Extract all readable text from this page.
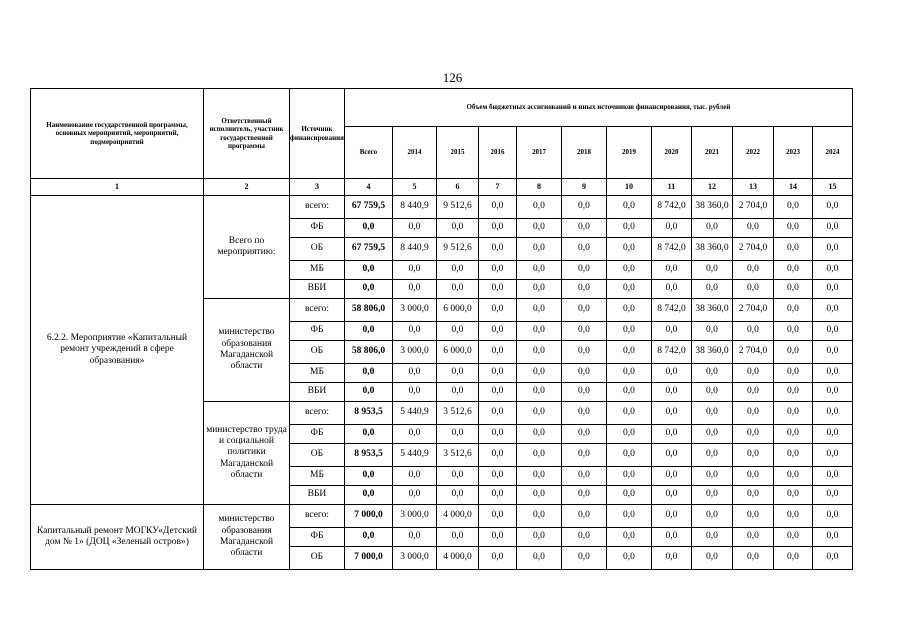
126
Наименование государственной программы, основных мероприятий, мероприятий, подмероприятий	Ответственный исполнитель, участник государственной программы	Источник финансирования	Объем бюджетных ассигнований и иных источников финансирования, тыс. рублей											
			Всего	2014	2015	2016	2017	2018	2019	2020	2021	2022	2023	2024
1	2	3	4	5	6	7	8	9	10	11	12	13	14	15
6.2.2. Мероприятие «Капитальный ремонт учреждений в сфере образования»	Всего по мероприятию:	всего:	67 759,5	8 440,9	9 512,6	0,0	0,0	0,0	0,0	8 742,0	38 360,0	2 704,0	0,0	0,0
		ФБ	0,0	0,0	0,0	0,0	0,0	0,0	0,0	0,0	0,0	0,0	0,0	0,0
		ОБ	67 759,5	8 440,9	9 512,6	0,0	0,0	0,0	0,0	8 742,0	38 360,0	2 704,0	0,0	0,0
		МБ	0,0	0,0	0,0	0,0	0,0	0,0	0,0	0,0	0,0	0,0	0,0	0,0
		ВБИ	0,0	0,0	0,0	0,0	0,0	0,0	0,0	0,0	0,0	0,0	0,0	0,0
	министерство образования Магаданской области	всего:	58 806,0	3 000,0	6 000,0	0,0	0,0	0,0	0,0	8 742,0	38 360,0	2 704,0	0,0	0,0
		ФБ	0,0	0,0	0,0	0,0	0,0	0,0	0,0	0,0	0,0	0,0	0,0	0,0
		ОБ	58 806,0	3 000,0	6 000,0	0,0	0,0	0,0	0,0	8 742,0	38 360,0	2 704,0	0,0	0,0
		МБ	0,0	0,0	0,0	0,0	0,0	0,0	0,0	0,0	0,0	0,0	0,0	0,0
		ВБИ	0,0	0,0	0,0	0,0	0,0	0,0	0,0	0,0	0,0	0,0	0,0	0,0
	министерство труда и социальной политики Магаданской области	всего:	8 953,5	5 440,9	3 512,6	0,0	0,0	0,0	0,0	0,0	0,0	0,0	0,0	0,0
		ФБ	0,0	0,0	0,0	0,0	0,0	0,0	0,0	0,0	0,0	0,0	0,0	0,0
		ОБ	8 953,5	5 440,9	3 512,6	0,0	0,0	0,0	0,0	0,0	0,0	0,0	0,0	0,0
		МБ	0,0	0,0	0,0	0,0	0,0	0,0	0,0	0,0	0,0	0,0	0,0	0,0
		ВБИ	0,0	0,0	0,0	0,0	0,0	0,0	0,0	0,0	0,0	0,0	0,0	0,0
Капитальный ремонт МОГКУ«Детский дом № 1» (ДОЦ «Зеленый остров»)	министерство образования Магаданской области	всего:	7 000,0	3 000,0	4 000,0	0,0	0,0	0,0	0,0	0,0	0,0	0,0	0,0	0,0
		ФБ	0,0	0,0	0,0	0,0	0,0	0,0	0,0	0,0	0,0	0,0	0,0	0,0
		ОБ	7 000,0	3 000,0	4 000,0	0,0	0,0	0,0	0,0	0,0	0,0	0,0	0,0	0,0
